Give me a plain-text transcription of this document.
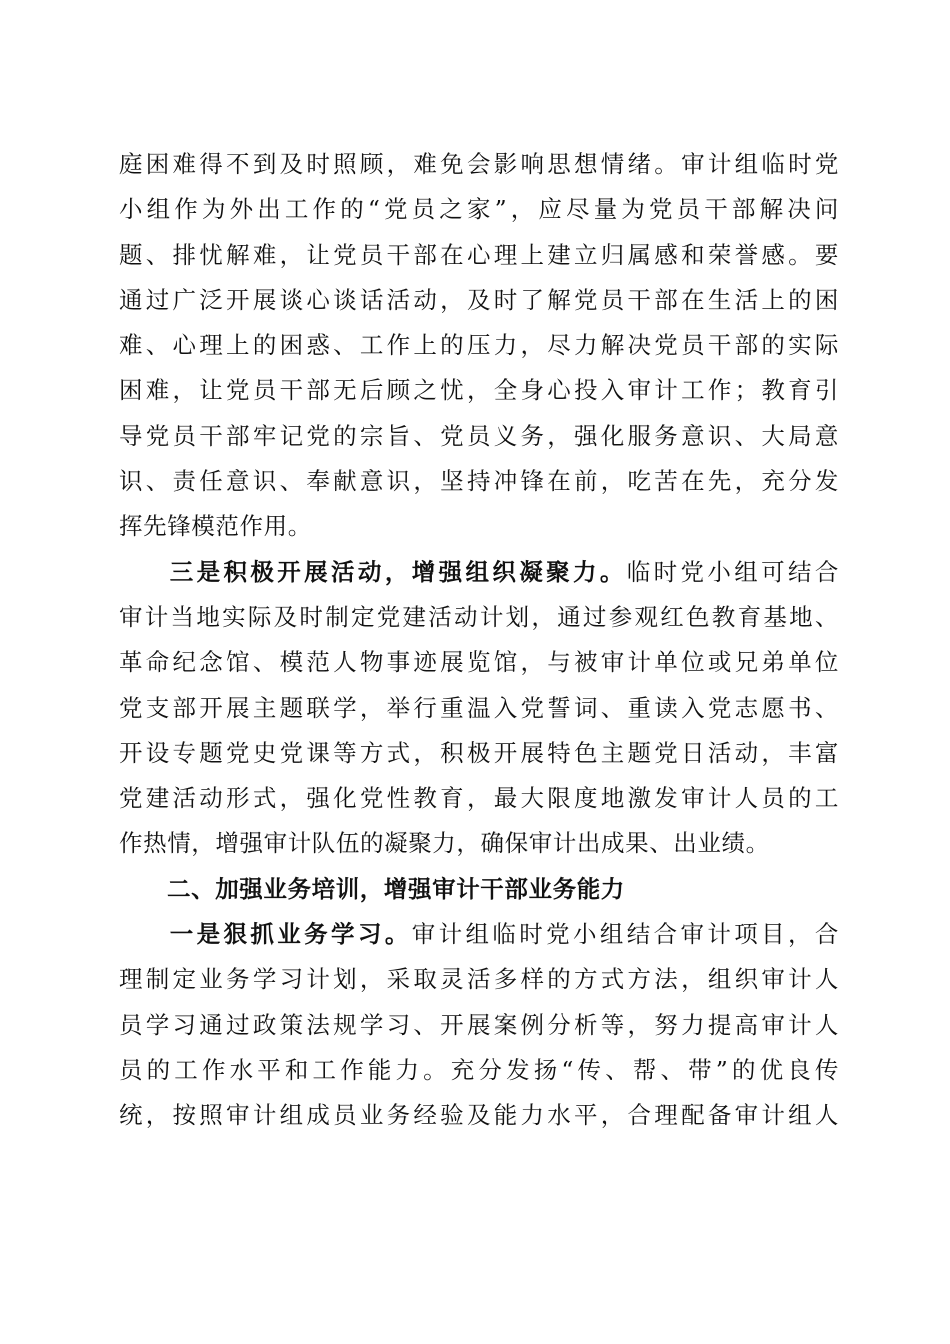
庭困难得不到及时照顾，难免会影响思想情绪。审计组临时党
小组作为外出工作的“党员之家”，应尽量为党员干部解决问
题、排忧解难，让党员干部在心理上建立归属感和荣誉感。要
通过广泛开展谈心谈话活动，及时了解党员干部在生活上的困
难、心理上的困惑、工作上的压力，尽力解决党员干部的实际
困难，让党员干部无后顾之忧，全身心投入审计工作；教育引
导党员干部牢记党的宗旨、党员义务，强化服务意识、大局意
识、责任意识、奉献意识，坚持冲锋在前，吃苦在先，充分发
挥先锋模范作用。
三是积极开展活动，增强组织凝聚力。临时党小组可结合
审计当地实际及时制定党建活动计划，通过参观红色教育基地、
革命纪念馆、模范人物事迹展览馆，与被审计单位或兄弟单位
党支部开展主题联学，举行重温入党誓词、重读入党志愿书、
开设专题党史党课等方式，积极开展特色主题党日活动，丰富
党建活动形式，强化党性教育，最大限度地激发审计人员的工
作热情，增强审计队伍的凝聚力，确保审计出成果、出业绩。
二、加强业务培训，增强审计干部业务能力
一是狠抓业务学习。审计组临时党小组结合审计项目，合
理制定业务学习计划，采取灵活多样的方式方法，组织审计人
员学习通过政策法规学习、开展案例分析等，努力提高审计人
员的工作水平和工作能力。充分发扬“传、帮、带”的优良传
统，按照审计组成员业务经验及能力水平，合理配备审计组人
